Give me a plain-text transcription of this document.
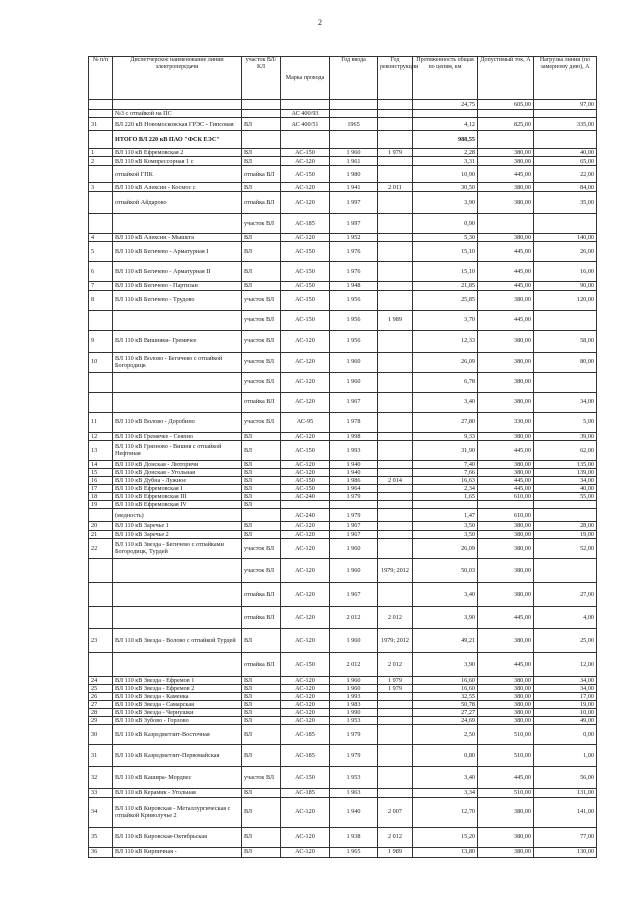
2
№ п/п	Диспетчерское наименование линии электропередачи	участок ВЛ/КЛ	Марка провода	Год ввода	Год реконструкции	Протяженность общая по цепям, км	Допустимый ток, А	Нагрузка линии (по замерному дню), А
						24,75	605,00	97,00
	№3 с отпайкой на ПС		АС 400/93					
31	ВЛ 220 кВ Новомосковская ГРЭС - Гипсовая	ВЛ	АС 400/51	1965		4,12	825,00	335,00
	ИТОГО ВЛ 220 кВ ПАО "ФСК ЕЭС"					988,55		
1	ВЛ 110 кВ Ефремовская 2	ВЛ	АС-150	1 960	1 979	2,28	380,00	40,00
2	ВЛ 110 кВ Компрессорная 1 с	ВЛ	АС-120	1 961		3,31	380,00	65,00
	отпайкой ГПК	отпайка ВЛ	АС-150	1 980		10,90	445,00	22,00
3	ВЛ 110 кВ Алексин - Космос с	ВЛ	АС-120	1 941	2 011	30,50	380,00	84,00
	отпайкой Айдарово	отпайка ВЛ	АС-120	1 997		3,90	380,00	35,00
		участок ВЛ	АС-185	1 997		0,90		
4	ВЛ 110 кВ Алексин - Мышега	ВЛ	АС-120	1 952		5,30	380,00	140,00
5	ВЛ 110 кВ Бегичево - Арматурная I	ВЛ	АС-150	1 976		15,10	445,00	26,00
6	ВЛ 110 кВ Бегичево - Арматурная II	ВЛ	АС-150	1 976		15,10	445,00	16,00
7	ВЛ 110 кВ Бегичево - Партизан	ВЛ	АС-150	1 948		21,85	445,00	90,00
8	ВЛ 110 кВ Бегичево - Трудово	участок ВЛ	АС-150	1 956		25,85	380,00	120,00
		участок ВЛ	АС-150	1 956	1 989	3,70	445,00	
9	ВЛ 110 кВ Вишняки- Гремячее	участок ВЛ	АС-120	1 956		12,33	380,00	58,00
10	ВЛ 110 кВ Волово - Бегичево с отпайкой Богородицк	участок ВЛ	АС-120	1 960		26,09	380,00	80,00
		участок ВЛ	АС-120	1 960		6,78	380,00	
		отпайка ВЛ	АС-120	1 967		3,40	380,00	34,00
11	ВЛ 110 кВ Волово - Доробино	участок ВЛ	АС-95	1 978		27,80	330,00	5,00
12	ВЛ 110 кВ Гремячее - Сеяпно	ВЛ	АС-120	1 998		9,33	380,00	39,00
13	ВЛ 110 кВ Грязново - Вишня с отпайкой Нефтяная	ВЛ	АС-150	1 993		31,90	445,00	62,00
14	ВЛ 110 кВ Донская - Люторичи	ВЛ	АС-120	1 940		7,40	380,00	135,00
15	ВЛ 110 кВ Донская - Угольная	ВЛ	АС-120	1 940		7,66	380,00	139,00
16	ВЛ 110 кВ Дубна - Лужное	ВЛ	АС-150	1 986	2 014	16,63	445,00	34,00
17	ВЛ 110 кВ Ефремовская I	ВЛ	АС-150	1 964		2,34	445,00	40,00
18	ВЛ 110 кВ Ефремовская III	ВЛ	АС-240	1 979		1,65	610,00	55,00
19	ВЛ 110 кВ Ефремовская IV	ВЛ						
	(медность)		АС-240	1 979		1,47	610,00	
20	ВЛ 110 кВ Заречье 1	ВЛ	АС-120	1 967		3,50	380,00	28,00
21	ВЛ 110 кВ Заречье 2	ВЛ	АС-120	1 967		3,50	380,00	19,00
22	ВЛ 110 кВ Звезда - Бегичево с отпайками Богородицк, Турдей	участок ВЛ	АС-120	1 960		26,09	380,00	52,00
		участок ВЛ	АС-120	1 960	1979; 2012	50,03	380,00	
		отпайка ВЛ	АС-120	1 967		3,40	380,00	27,00
		отпайка ВЛ	АС-120	2 012	2 012	3,90	445,00	4,00
23	ВЛ 110 кВ Звезда - Волово с отпайкой Турдей	ВЛ	АС-120	1 960	1979; 2012	49,21	380,00	25,00
		отпайка ВЛ	АС-150	2 012	2 012	3,90	445,00	12,00
24	ВЛ 110 кВ Звезда - Ефремов 1	ВЛ	АС-120	1 960	1 979	16,60	380,00	34,00
25	ВЛ 110 кВ Звезда - Ефремов 2	ВЛ	АС-120	1 960	1 979	16,60	380,00	34,00
26	ВЛ 110 кВ Звезда - Каменка	ВЛ	АС-120	1 993		32,55	380,00	17,00
27	ВЛ 110 кВ Звезда - Самарская	ВЛ	АС-120	1 983		50,78	380,00	19,00
28	ВЛ 110 кВ Звезда - Чернушки	ВЛ	АС-120	1 990		27,27	380,00	10,00
29	ВЛ 110 кВ Зубово - Горлово	ВЛ	АС-120	1 953		24,69	380,00	49,00
30	ВЛ 110 кВ Казредметзит-Восточная	ВЛ	АС-185	1 979		2,50	510,00	0,00
31	ВЛ 110 кВ Казредметзит-Первомайская	ВЛ	АС-185	1 979		0,80	510,00	1,00
32	ВЛ 110 кВ Кашира- Мордвес	участок ВЛ	АС-150	1 953		3,40	445,00	56,00
33	ВЛ 110 кВ Керамик - Угольная	ВЛ	АС-185	1 963		3,34	510,00	131,00
34	ВЛ 110 кВ Кировская - Металлургическая с отпайкой Криволучье 2	ВЛ	АС-120	1 940	2 007	12,70	380,00	141,00
35	ВЛ 110 кВ Кировская-Октябрьская	ВЛ	АС-120	1 938	2 012	15,20	380,00	77,00
36	ВЛ 110 кВ Кирпичная -	ВЛ	АС-120	1 965	1 989	13,80	380,00	130,00
